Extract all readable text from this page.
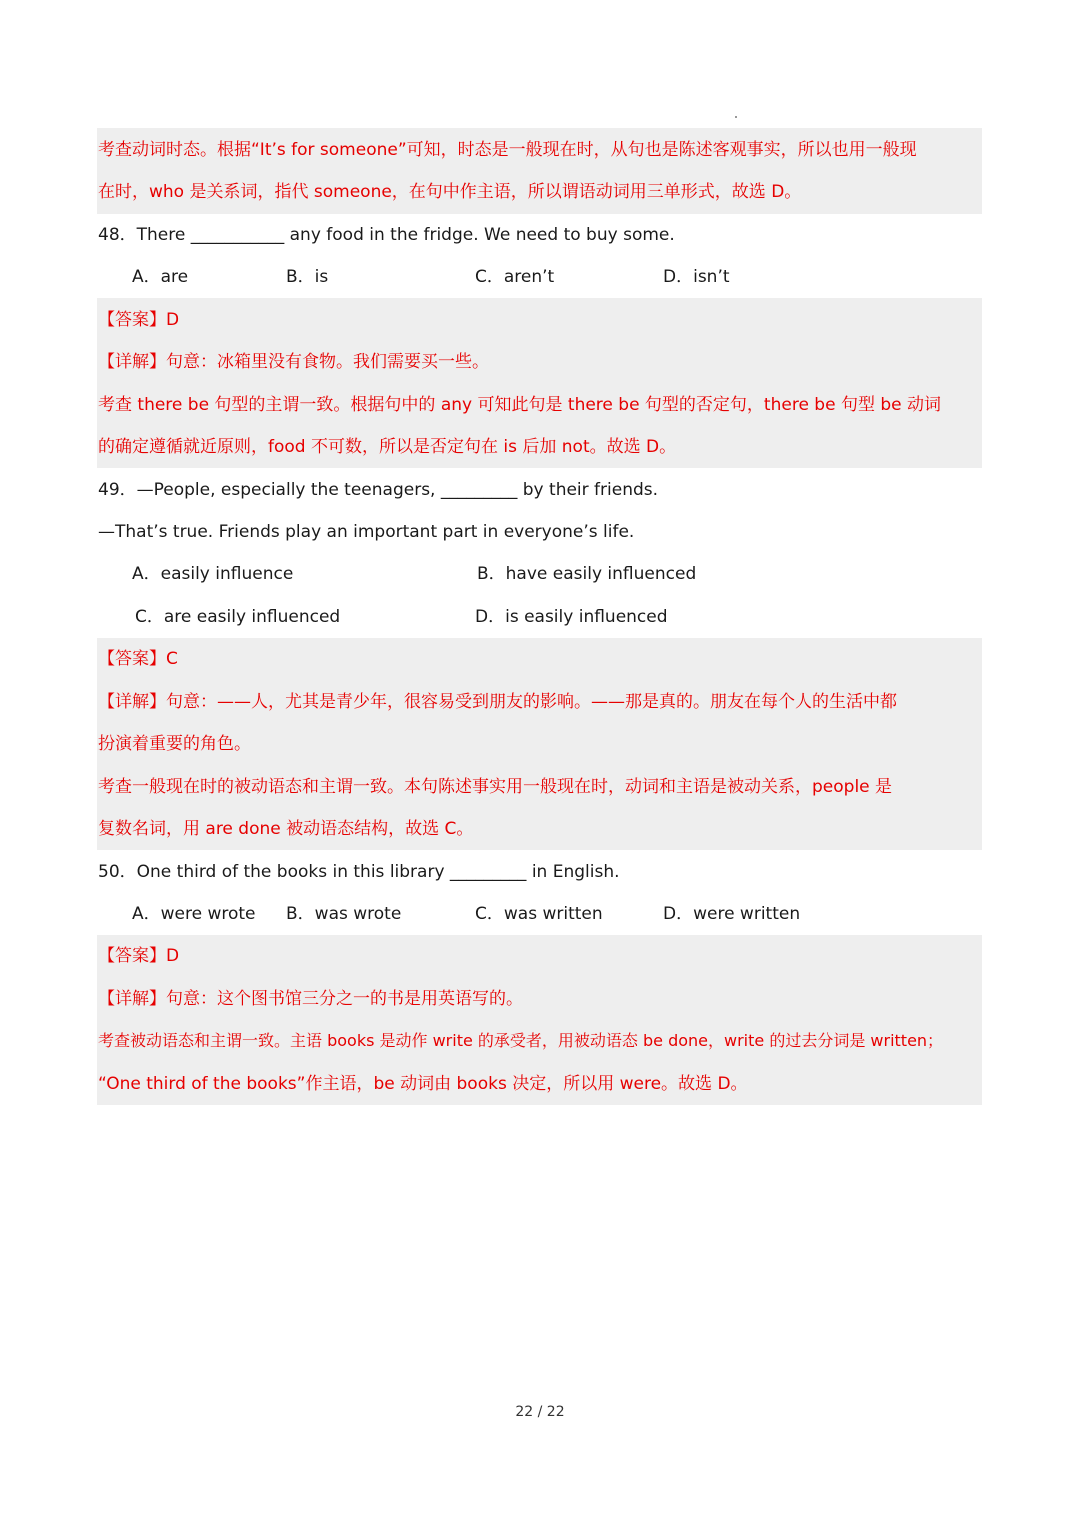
考查动词时态。根据“It’s for someone”可知，时态是一般现在时，从句也是陈述客观事实，所以也用一般现
在时，who 是关系词，指代 someone，在句中作主语，所以谓语动词用三单形式，故选 D。
48．There ___________ any food in the fridge. We need to buy some.
A．are	B．is	C．aren’t	D．isn’t
【答案】D
【详解】句意：冰箱里没有食物。我们需要买一些。
考查 there be 句型的主谓一致。根据句中的 any 可知此句是 there be 句型的否定句，there be 句型 be 动词
的确定遵循就近原则，food 不可数，所以是否定句在 is 后加 not。故选 D。
49．—People, especially the teenagers, _________ by their friends.
—That’s true. Friends play an important part in everyone’s life.
A．easily influence	B．have easily influenced
C．are easily influenced	D．is easily influenced
【答案】C
【详解】句意：——人，尤其是青少年，很容易受到朋友的影响。——那是真的。朋友在每个人的生活中都
扮演着重要的角色。
考查一般现在时的被动语态和主谓一致。本句陈述事实用一般现在时，动词和主语是被动关系，people 是
复数名词，用 are done 被动语态结构，故选 C。
50．One third of the books in this library _________ in English.
A．were wrote B．was wrote	C．was written	D．were written
【答案】D
【详解】句意：这个图书馆三分之一的书是用英语写的。
考查被动语态和主谓一致。主语 books 是动作 write 的承受者，用被动语态 be done，write 的过去分词是 written；
“One third of the books”作主语，be 动词由 books 决定，所以用 were。故选 D。
22 / 22
